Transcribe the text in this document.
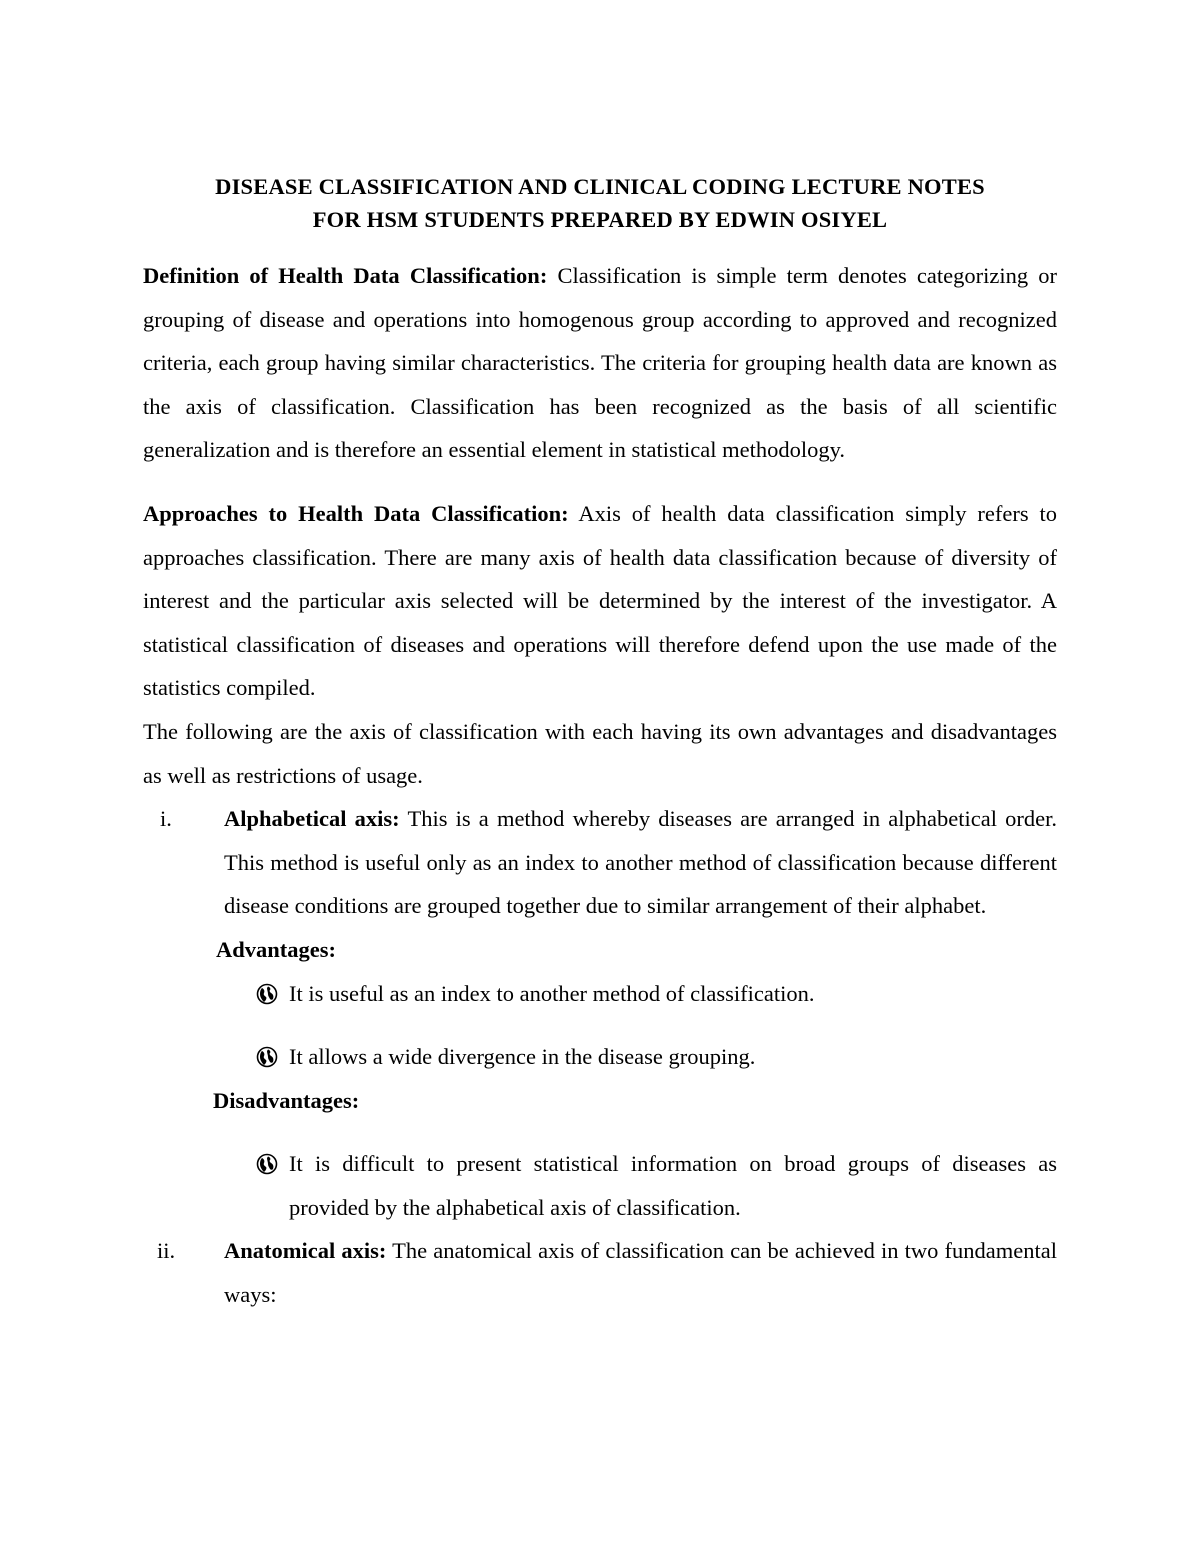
DISEASE CLASSIFICATION AND CLINICAL CODING LECTURE NOTES
FOR HSM STUDENTS PREPARED BY EDWIN OSIYEL

Definition of Health Data Classification: Classification is simple term denotes categorizing or grouping of disease and operations into homogenous group according to approved and recognized criteria, each group having similar characteristics. The criteria for grouping health data are known as the axis of classification. Classification has been recognized as the basis of all scientific generalization and is therefore an essential element in statistical methodology.

Approaches to Health Data Classification: Axis of health data classification simply refers to approaches classification. There are many axis of health data classification because of diversity of interest and the particular axis selected will be determined by the interest of the investigator. A statistical classification of diseases and operations will therefore defend upon the use made of the statistics compiled.

The following are the axis of classification with each having its own advantages and disadvantages as well as restrictions of usage.

i. Alphabetical axis: This is a method whereby diseases are arranged in alphabetical order. This method is useful only as an index to another method of classification because different disease conditions are grouped together due to similar arrangement of their alphabet.
Advantages:
It is useful as an index to another method of classification.
It allows a wide divergence in the disease grouping.
Disadvantages:
It is difficult to present statistical information on broad groups of diseases as provided by the alphabetical axis of classification.
ii. Anatomical axis: The anatomical axis of classification can be achieved in two fundamental ways:
